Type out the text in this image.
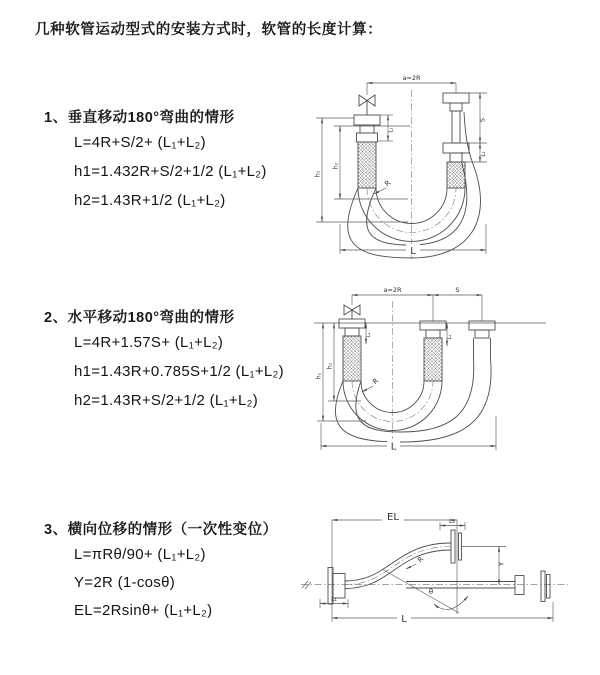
几种软管运动型式的安装方式时，软管的长度计算：
1、垂直移动180°弯曲的情形
L=4R+S/2+ (L₁+L₂)
h1=1.432R+S/2+1/2 (L₁+L₂)
h2=1.43R+1/2 (L₁+L₂)
a=2R
h₁
h₂
S
L₁
L₁
R
L
2、水平移动180°弯曲的情形
L=4R+1.57S+ (L₁+L₂)
h1=1.43R+0.785S+1/2 (L₁+L₂)
h2=1.43R+S/2+1/2 (L₁+L₂)
a=2R	S
h₁
h₂
L₁	L₁
R
L
3、横向位移的情形（一次性变位）
L=πRθ/90+ (L₁+L₂)
Y=2R (1-cosθ)
EL=2Rsinθ+ (L₁+L₂)
EL	L₂
Y
θ
R
L₁
L
